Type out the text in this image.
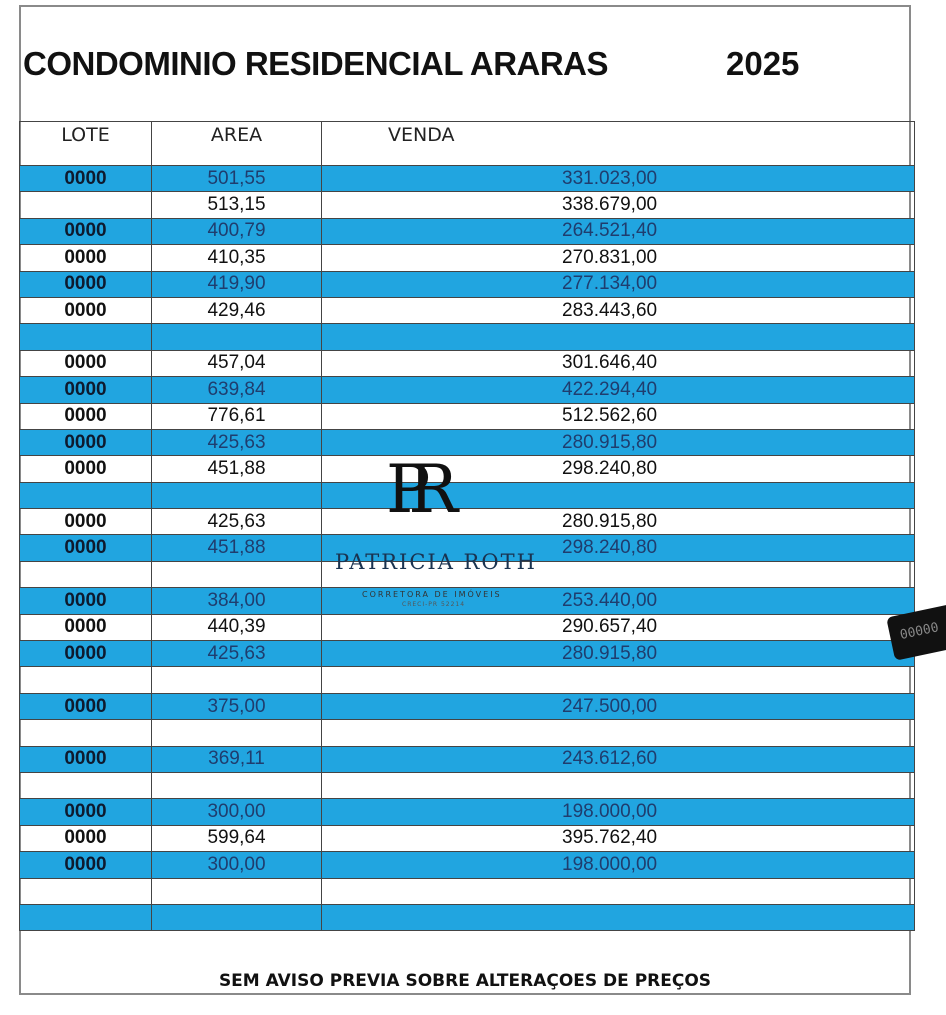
CONDOMINIO RESIDENCIAL ARARAS	2025
LOTE	AREA	VENDA
0000	501,55	331.023,00
	513,15	338.679,00
0000	400,79	264.521,40
0000	410,35	270.831,00
0000	419,90	277.134,00
0000	429,46	283.443,60

0000	457,04	301.646,40
0000	639,84	422.294,40
0000	776,61	512.562,60
0000	425,63	280.915,80
0000	451,88	298.240,80

0000	425,63	280.915,80
0000	451,88	298.240,80

0000	384,00	253.440,00
0000	440,39	290.657,40
0000	425,63	280.915,80

0000	375,00	247.500,00

0000	369,11	243.612,60

0000	300,00	198.000,00
0000	599,64	395.762,40
0000	300,00	198.000,00

SEM AVISO PREVIA SOBRE ALTERAÇOES DE PREÇOS
PR
PATRICIA ROTH
CORRETORA DE IMÓVEIS
CRECI-PR 52214
00000
